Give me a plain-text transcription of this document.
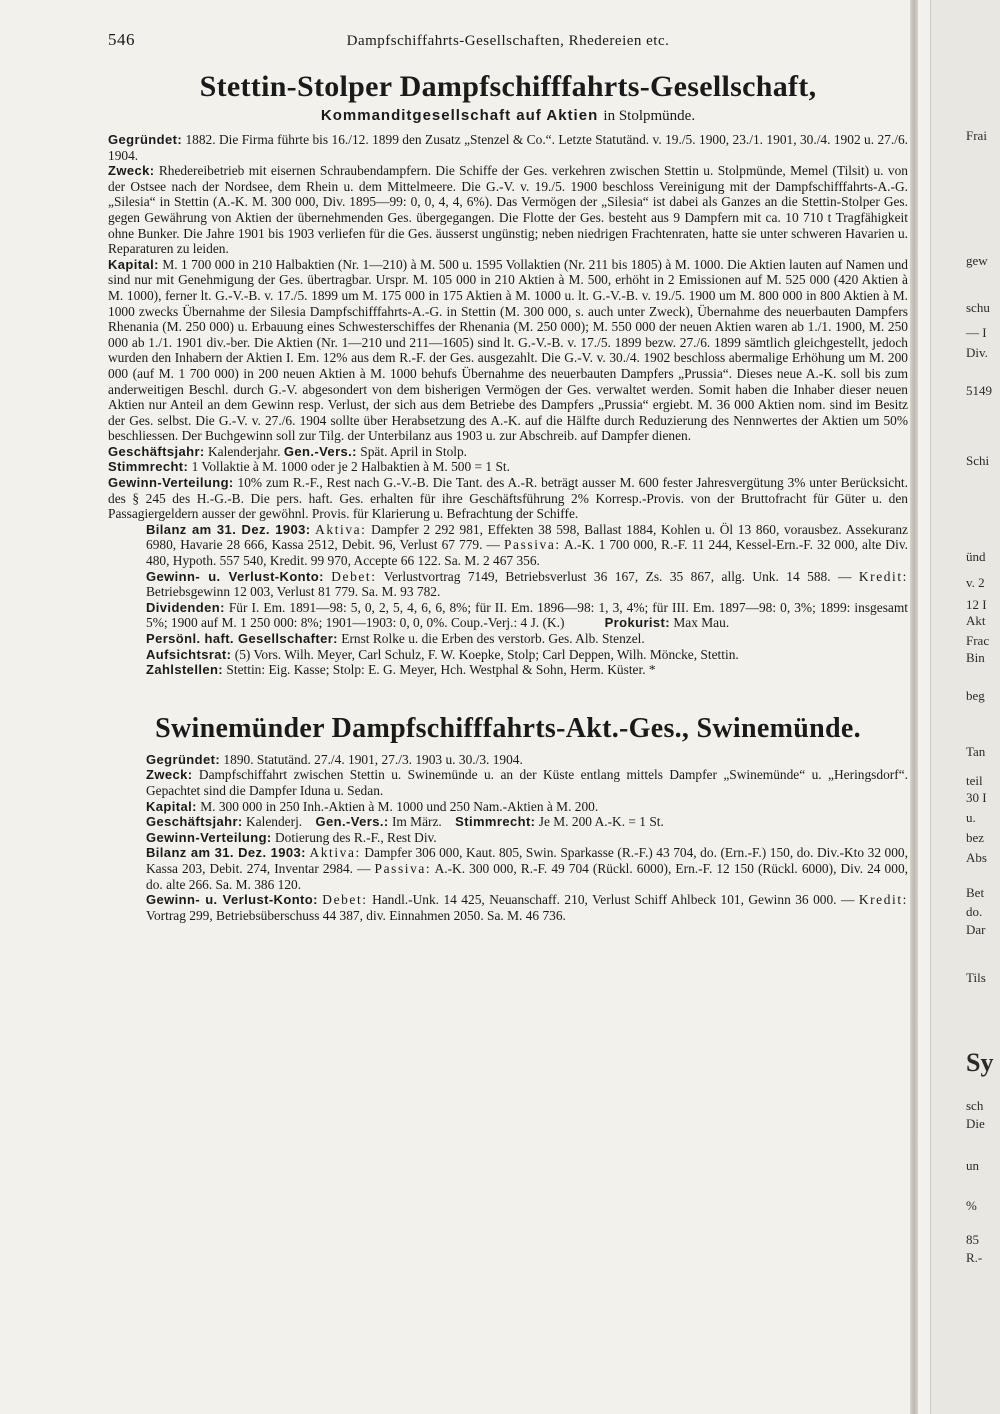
Frai
gew
schu
— I
Div.
5149
Schi
ünd
v. 2
12 I
Akt
Frac
Bin
beg
Tan
teil
30 I
u.
bez
Abs
Bet
do.
Dar
Tils
Sy
sch
Die
un
%
85
R.-
546	Dampfschiffahrts-Gesellschaften, Rhedereien etc.
Stettin-Stolper Dampfschifffahrts-Gesellschaft,
Kommanditgesellschaft auf Aktien in Stolpmünde.

Gegründet: 1882. Die Firma führte bis 16./12. 1899 den Zusatz „Stenzel & Co.“. Letzte Statutänd. v. 19./5. 1900, 23./1. 1901, 30./4. 1902 u. 27./6. 1904.

Zweck: Rhedereibetrieb mit eisernen Schraubendampfern. Die Schiffe der Ges. verkehren zwischen Stettin u. Stolpmünde, Memel (Tilsit) u. von der Ostsee nach der Nordsee, dem Rhein u. dem Mittelmeere. Die G.-V. v. 19./5. 1900 beschloss Vereinigung mit der Dampfschifffahrts-A.-G. „Silesia“ in Stettin (A.-K. M. 300 000, Div. 1895—99: 0, 0, 4, 4, 6%). Das Vermögen der „Silesia“ ist dabei als Ganzes an die Stettin-Stolper Ges. gegen Gewährung von Aktien der übernehmenden Ges. übergegangen. Die Flotte der Ges. besteht aus 9 Dampfern mit ca. 10 710 t Tragfähigkeit ohne Bunker. Die Jahre 1901 bis 1903 verliefen für die Ges. äusserst ungünstig; neben niedrigen Frachtenraten, hatte sie unter schweren Havarien u. Reparaturen zu leiden.

Kapital: M. 1 700 000 in 210 Halbaktien (Nr. 1—210) à M. 500 u. 1595 Vollaktien (Nr. 211 bis 1805) à M. 1000. Die Aktien lauten auf Namen und sind nur mit Genehmigung der Ges. übertragbar. Urspr. M. 105 000 in 210 Aktien à M. 500, erhöht in 2 Emissionen auf M. 525 000 (420 Aktien à M. 1000), ferner lt. G.-V.-B. v. 17./5. 1899 um M. 175 000 in 175 Aktien à M. 1000 u. lt. G.-V.-B. v. 19./5. 1900 um M. 800 000 in 800 Aktien à M. 1000 zwecks Übernahme der Silesia Dampfschifffahrts-A.-G. in Stettin (M. 300 000, s. auch unter Zweck), Übernahme des neuerbauten Dampfers Rhenania (M. 250 000) u. Erbauung eines Schwesterschiffes der Rhenania (M. 250 000); M. 550 000 der neuen Aktien waren ab 1./1. 1900, M. 250 000 ab 1./1. 1901 div.-ber. Die Aktien (Nr. 1—210 und 211—1605) sind lt. G.-V.-B. v. 17./5. 1899 bezw. 27./6. 1899 sämtlich gleichgestellt, jedoch wurden den Inhabern der Aktien I. Em. 12% aus dem R.-F. der Ges. ausgezahlt. Die G.-V. v. 30./4. 1902 beschloss abermalige Erhöhung um M. 200 000 (auf M. 1 700 000) in 200 neuen Aktien à M. 1000 behufs Übernahme des neuerbauten Dampfers „Prussia“. Dieses neue A.-K. soll bis zum anderweitigen Beschl. durch G.-V. abgesondert von dem bisherigen Vermögen der Ges. verwaltet werden. Somit haben die Inhaber dieser neuen Aktien nur Anteil an dem Gewinn resp. Verlust, der sich aus dem Betriebe des Dampfers „Prussia“ ergiebt. M. 36 000 Aktien nom. sind im Besitz der Ges. selbst. Die G.-V. v. 27./6. 1904 sollte über Herabsetzung des A.-K. auf die Hälfte durch Reduzierung des Nennwertes der Aktien um 50% beschliessen. Der Buchgewinn soll zur Tilg. der Unterbilanz aus 1903 u. zur Abschreib. auf Dampfer dienen.

Geschäftsjahr: Kalenderjahr. Gen.-Vers.: Spät. April in Stolp.

Stimmrecht: 1 Vollaktie à M. 1000 oder je 2 Halbaktien à M. 500 = 1 St.

Gewinn-Verteilung: 10% zum R.-F., Rest nach G.-V.-B. Die Tant. des A.-R. beträgt ausser M. 600 fester Jahresvergütung 3% unter Berücksicht. des § 245 des H.-G.-B. Die pers. haft. Ges. erhalten für ihre Geschäftsführung 2% Korresp.-Provis. von der Bruttofracht für Güter u. den Passagiergeldern ausser der gewöhnl. Provis. für Klarierung u. Befrachtung der Schiffe.

Bilanz am 31. Dez. 1903: Aktiva: Dampfer 2 292 981, Effekten 38 598, Ballast 1884, Kohlen u. Öl 13 860, vorausbez. Assekuranz 6980, Havarie 28 666, Kassa 2512, Debit. 96, Verlust 67 779. — Passiva: A.-K. 1 700 000, R.-F. 11 244, Kessel-Ern.-F. 32 000, alte Div. 480, Hypoth. 557 540, Kredit. 99 970, Accepte 66 122. Sa. M. 2 467 356.

Gewinn- u. Verlust-Konto: Debet: Verlustvortrag 7149, Betriebsverlust 36 167, Zs. 35 867, allg. Unk. 14 588. — Kredit: Betriebsgewinn 12 003, Verlust 81 779. Sa. M. 93 782.

Dividenden: Für I. Em. 1891—98: 5, 0, 2, 5, 4, 6, 6, 8%; für II. Em. 1896—98: 1, 3, 4%; für III. Em. 1897—98: 0, 3%; 1899: insgesamt 5%; 1900 auf M. 1 250 000: 8%; 1901—1903: 0, 0, 0%. Coup.-Verj.: 4 J. (K.)	Prokurist: Max Mau.

Persönl. haft. Gesellschafter: Ernst Rolke u. die Erben des verstorb. Ges. Alb. Stenzel.

Aufsichtsrat: (5) Vors. Wilh. Meyer, Carl Schulz, F. W. Koepke, Stolp; Carl Deppen, Wilh. Möncke, Stettin.

Zahlstellen: Stettin: Eig. Kasse; Stolp: E. G. Meyer, Hch. Westphal & Sohn, Herm. Küster. *

Swinemünder Dampfschifffahrts-Akt.-Ges., Swinemünde.

Gegründet: 1890. Statutänd. 27./4. 1901, 27./3. 1903 u. 30./3. 1904.

Zweck: Dampfschiffahrt zwischen Stettin u. Swinemünde u. an der Küste entlang mittels Dampfer „Swinemünde“ u. „Heringsdorf“. Gepachtet sind die Dampfer Iduna u. Sedan.

Kapital: M. 300 000 in 250 Inh.-Aktien à M. 1000 und 250 Nam.-Aktien à M. 200.

Geschäftsjahr: Kalenderj. Gen.-Vers.: Im März. Stimmrecht: Je M. 200 A.-K. = 1 St.

Gewinn-Verteilung: Dotierung des R.-F., Rest Div.

Bilanz am 31. Dez. 1903: Aktiva: Dampfer 306 000, Kaut. 805, Swin. Sparkasse (R.-F.) 43 704, do. (Ern.-F.) 150, do. Div.-Kto 32 000, Kassa 203, Debit. 274, Inventar 2984. — Passiva: A.-K. 300 000, R.-F. 49 704 (Rückl. 6000), Ern.-F. 12 150 (Rückl. 6000), Div. 24 000, do. alte 266. Sa. M. 386 120.

Gewinn- u. Verlust-Konto: Debet: Handl.-Unk. 14 425, Neuanschaff. 210, Verlust Schiff Ahlbeck 101, Gewinn 36 000. — Kredit: Vortrag 299, Betriebsüberschuss 44 387, div. Einnahmen 2050. Sa. M. 46 736.
